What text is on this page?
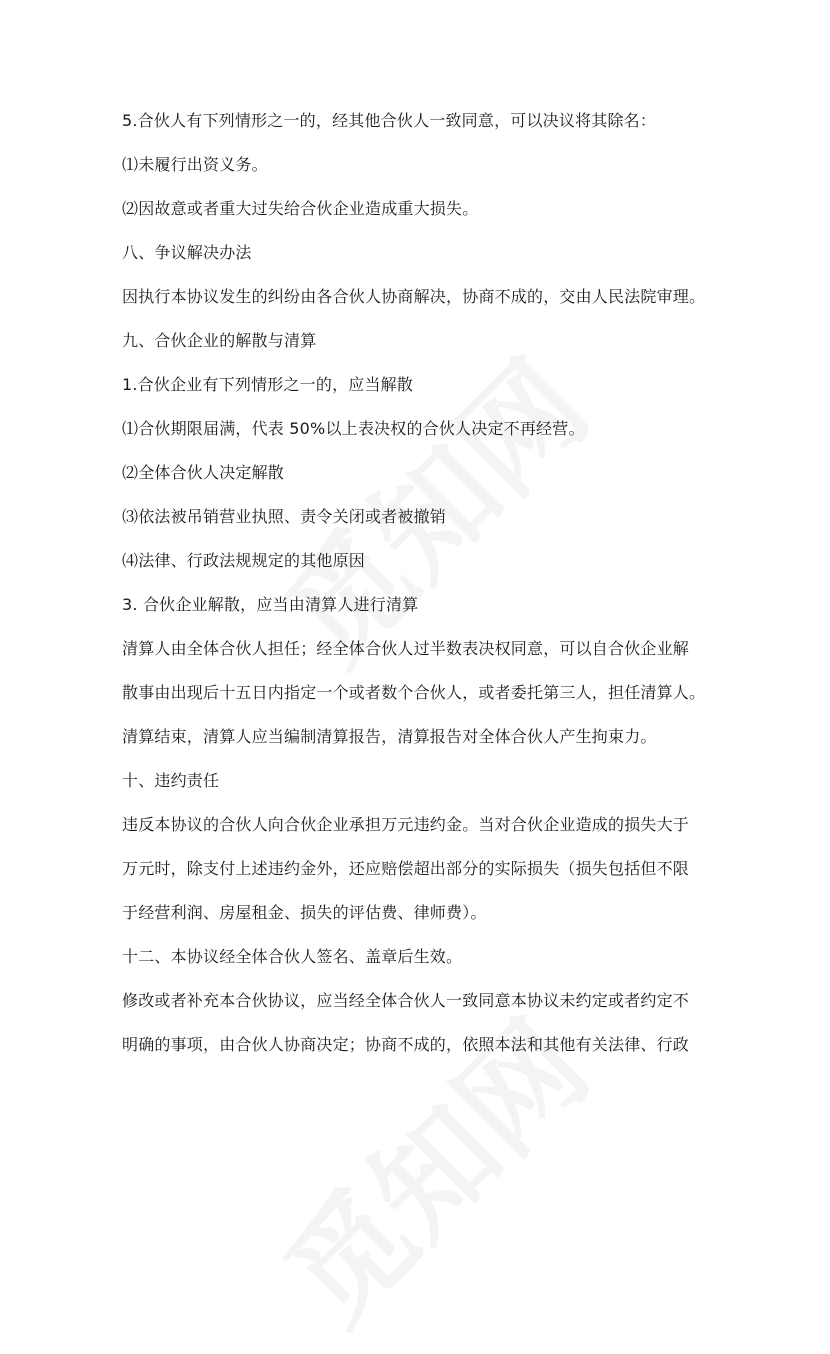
5.合伙人有下列情形之一的，经其他合伙人一致同意，可以决议将其除名：
⑴未履行出资义务。
⑵因故意或者重大过失给合伙企业造成重大损失。
八、争议解决办法
因执行本协议发生的纠纷由各合伙人协商解决，协商不成的，交由人民法院审理。
九、合伙企业的解散与清算
1.合伙企业有下列情形之一的，应当解散
⑴合伙期限届满，代表 50%以上表决权的合伙人决定不再经营。
⑵全体合伙人决定解散
⑶依法被吊销营业执照、责令关闭或者被撤销
⑷法律、行政法规规定的其他原因
3. 合伙企业解散，应当由清算人进行清算
清算人由全体合伙人担任；经全体合伙人过半数表决权同意，可以自合伙企业解
散事由出现后十五日内指定一个或者数个合伙人，或者委托第三人，担任清算人。
清算结束，清算人应当编制清算报告，清算报告对全体合伙人产生拘束力。
十、违约责任
违反本协议的合伙人向合伙企业承担万元违约金。当对合伙企业造成的损失大于
万元时，除支付上述违约金外，还应赔偿超出部分的实际损失（损失包括但不限
于经营利润、房屋租金、损失的评估费、律师费）。
十二、本协议经全体合伙人签名、盖章后生效。
修改或者补充本合伙协议，应当经全体合伙人一致同意本协议未约定或者约定不
明确的事项，由合伙人协商决定；协商不成的，依照本法和其他有关法律、行政
